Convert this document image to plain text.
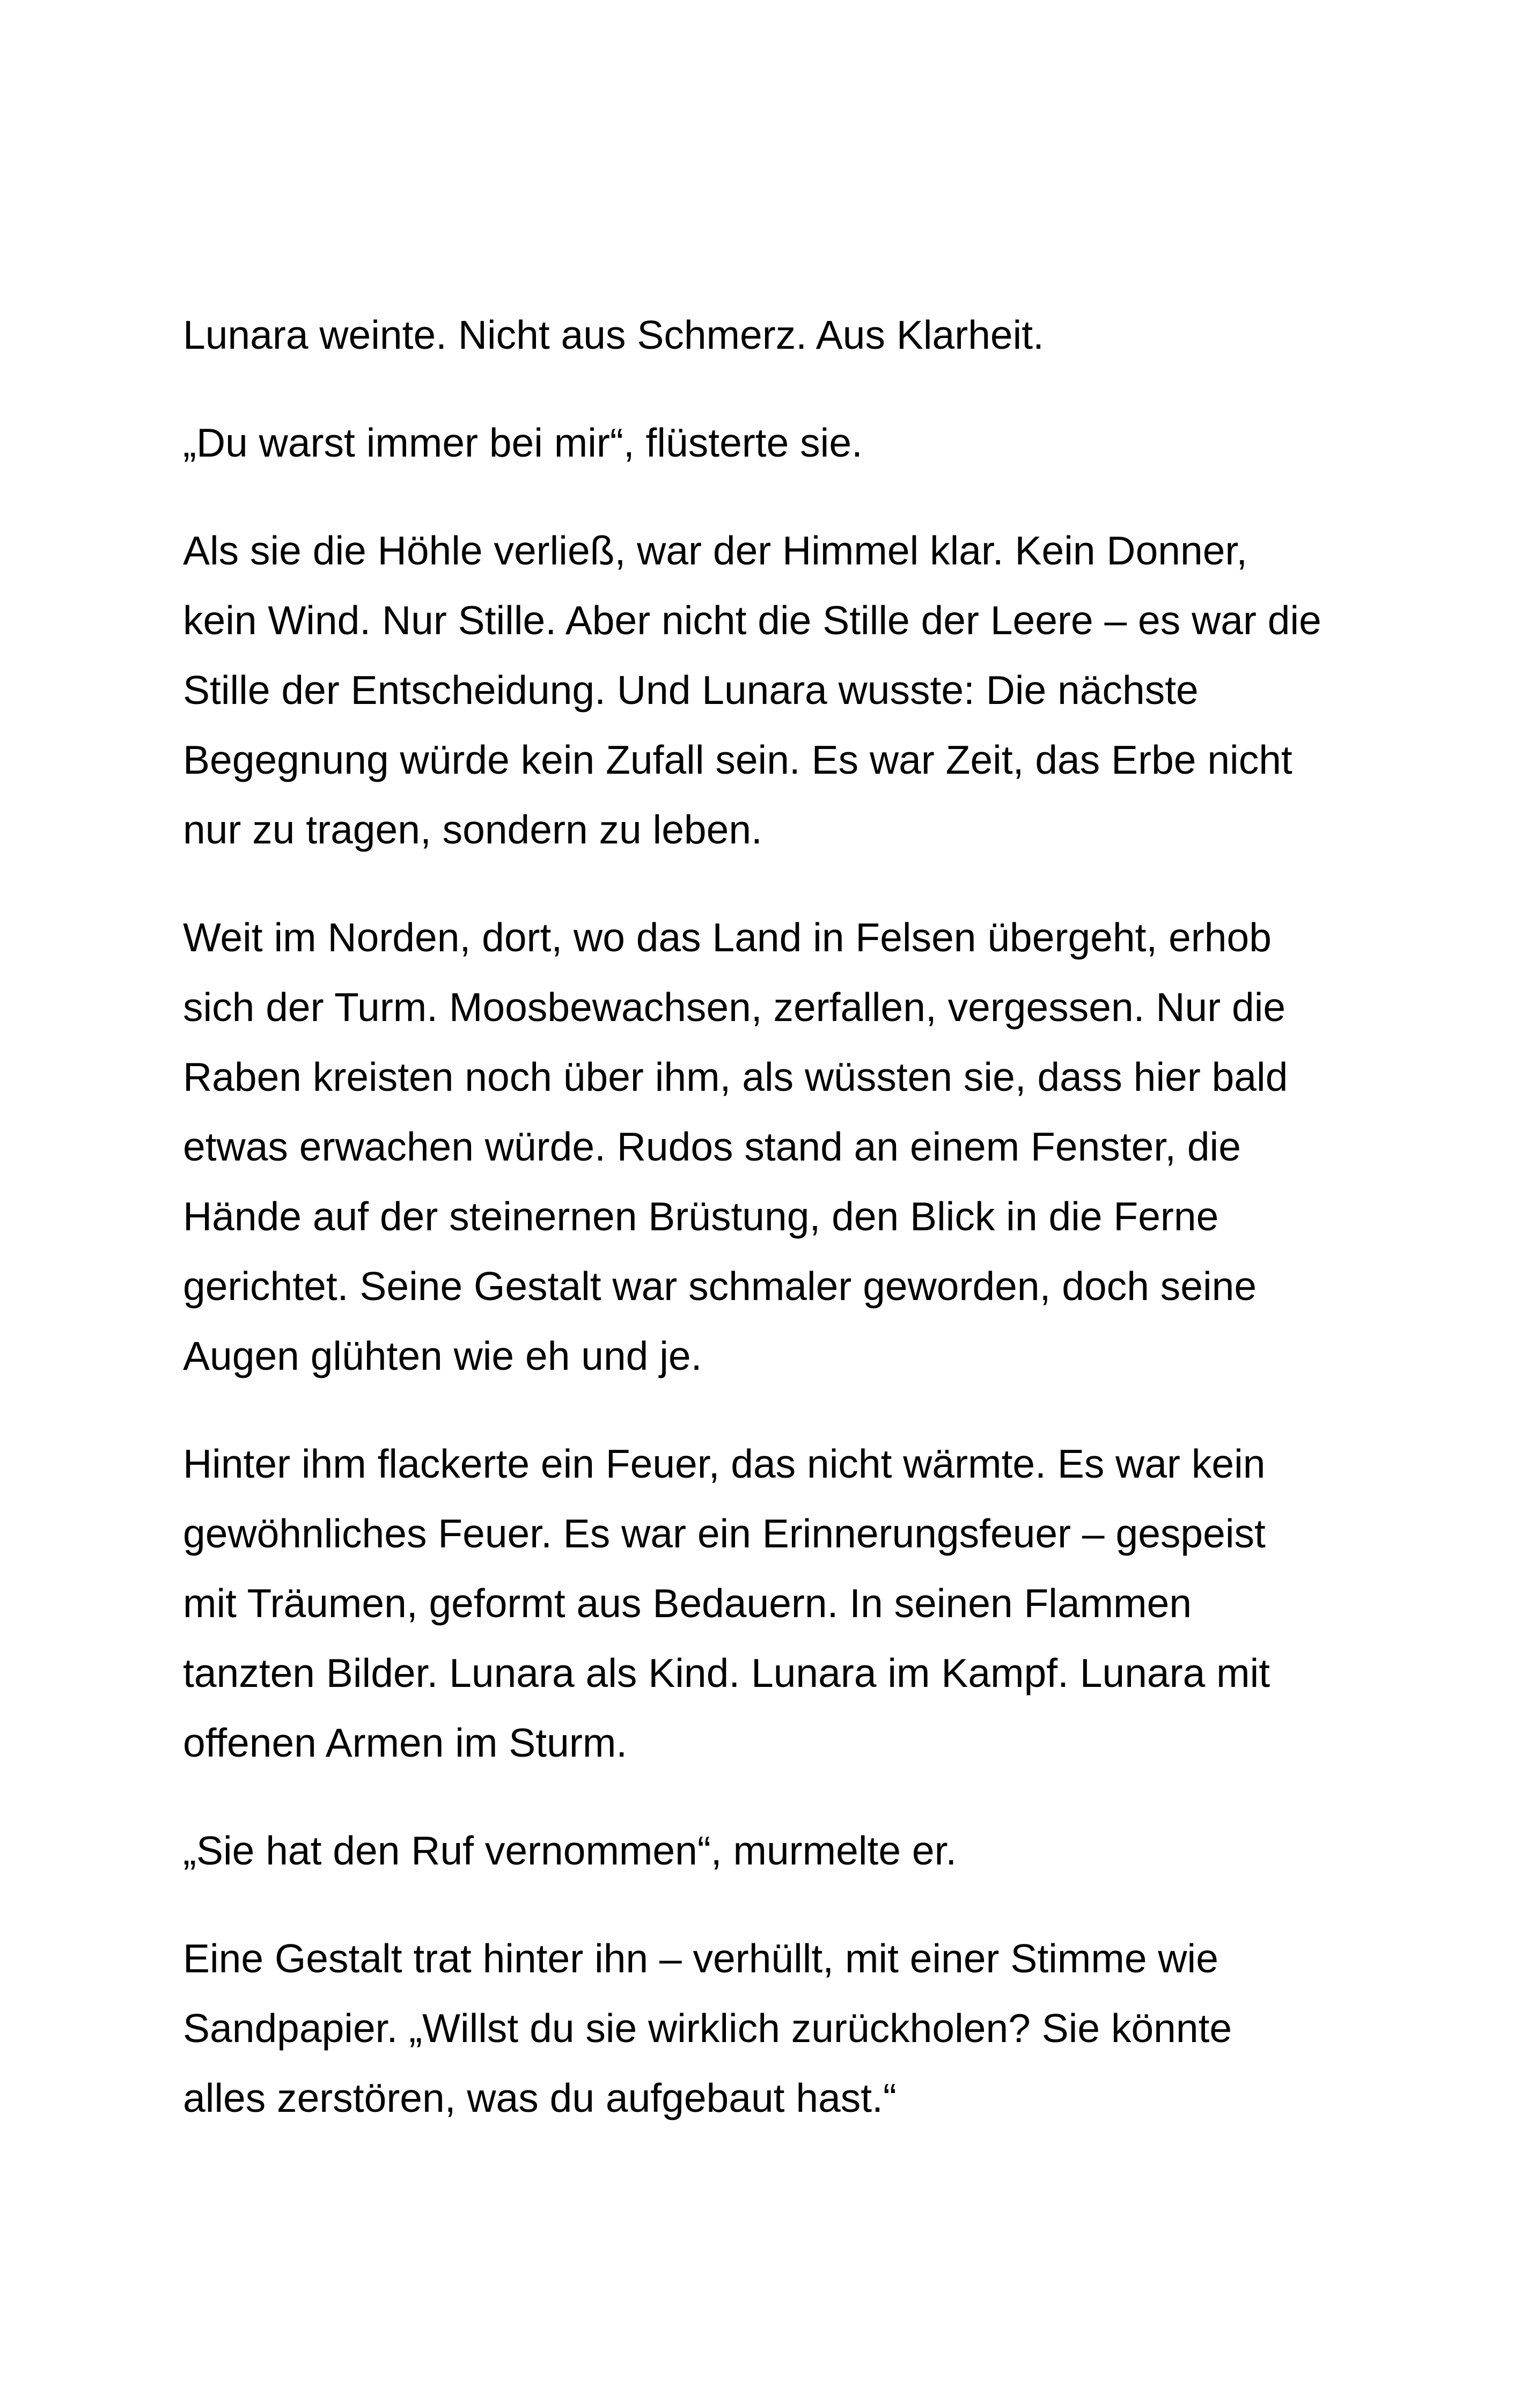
Lunara weinte. Nicht aus Schmerz. Aus Klarheit.

„Du warst immer bei mir“, flüsterte sie.

Als sie die Höhle verließ, war der Himmel klar. Kein Donner,
kein Wind. Nur Stille. Aber nicht die Stille der Leere – es war die
Stille der Entscheidung. Und Lunara wusste: Die nächste
Begegnung würde kein Zufall sein. Es war Zeit, das Erbe nicht
nur zu tragen, sondern zu leben.

Weit im Norden, dort, wo das Land in Felsen übergeht, erhob
sich der Turm. Moosbewachsen, zerfallen, vergessen. Nur die
Raben kreisten noch über ihm, als wüssten sie, dass hier bald
etwas erwachen würde. Rudos stand an einem Fenster, die
Hände auf der steinernen Brüstung, den Blick in die Ferne
gerichtet. Seine Gestalt war schmaler geworden, doch seine
Augen glühten wie eh und je.

Hinter ihm flackerte ein Feuer, das nicht wärmte. Es war kein
gewöhnliches Feuer. Es war ein Erinnerungsfeuer – gespeist
mit Träumen, geformt aus Bedauern. In seinen Flammen
tanzten Bilder. Lunara als Kind. Lunara im Kampf. Lunara mit
offenen Armen im Sturm.

„Sie hat den Ruf vernommen“, murmelte er.

Eine Gestalt trat hinter ihn – verhüllt, mit einer Stimme wie
Sandpapier. „Willst du sie wirklich zurückholen? Sie könnte
alles zerstören, was du aufgebaut hast.“
